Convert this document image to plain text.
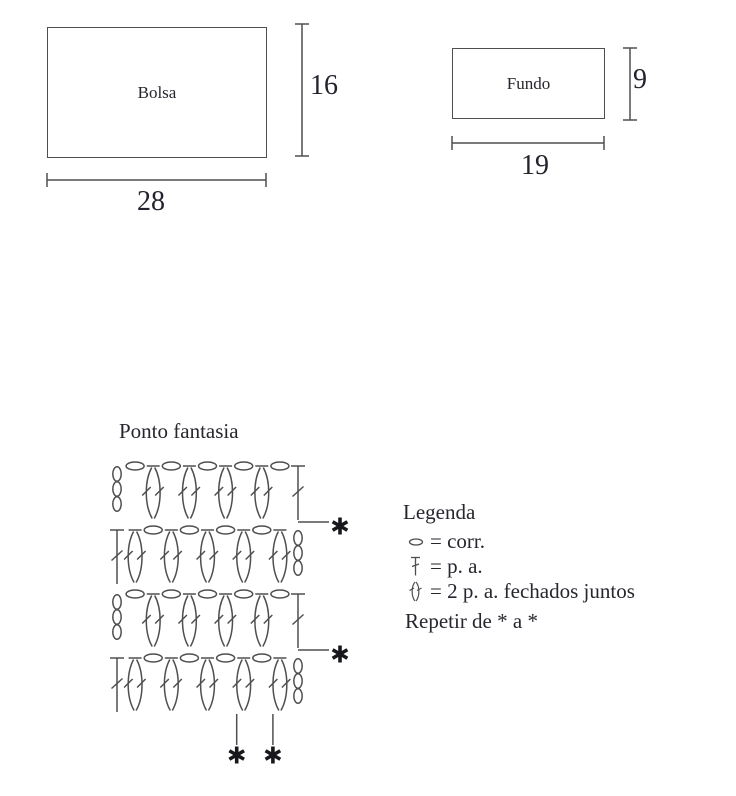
Bolsa	16
28
Fundo	9
19
Ponto fantasia
Legenda
= corr.
= p. a.
= 2 p. a. fechados juntos
Repetir de * a *
